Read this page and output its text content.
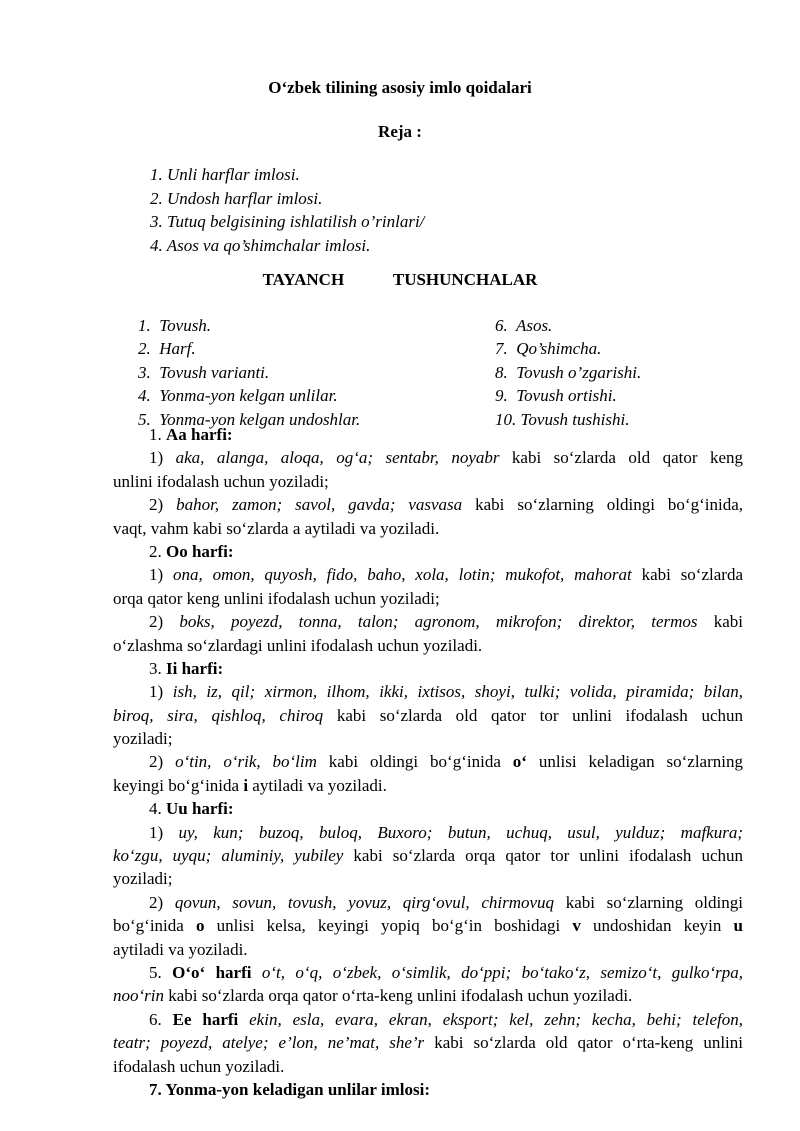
O‘zbek tilining asosiy imlo qoidalari
Reja :
1. Unli harflar imlosi.
2. Undosh harflar imlosi.
3. Tutuq belgisining ishlatilish o’rinlari/
4. Asos va qo’shimchalar imlosi.
TAYANCH    TUSHUNCHALAR
1.  Tovush.
2.  Harf.
3.  Tovush varianti.
4.  Yonma-yon kelgan unlilar.
5.  Yonma-yon kelgan undoshlar.
6.  Asos.
7.  Qo’shimcha.
8.  Tovush o’zgarishi.
9.  Tovush ortishi.
10. Tovush tushishi.
1. Aa harfi:
1) aka, alanga, aloqa, og‘a; sentabr, noyabr kabi so‘zlarda old qator keng
unlini ifodalash uchun yoziladi;
2) bahor, zamon; savol, gavda; vasvasa kabi so‘zlarning oldingi bo‘g‘inida,
vaqt, vahm kabi so‘zlarda a aytiladi va yoziladi.
2. Oo harfi:
1) ona, omon, quyosh, fido, baho, xola, lotin; mukofot, mahorat kabi so‘zlarda
orqa qator keng unlini ifodalash uchun yoziladi;
2) boks, poyezd, tonna, talon; agronom, mikrofon; direktor, termos kabi
o‘zlashma so‘zlardagi unlini ifodalash uchun yoziladi.
3. Ii harfi:
1) ish, iz, qil; xirmon, ilhom, ikki, ixtisos, shoyi, tulki; volida, piramida; bilan,
biroq, sira, qishloq, chiroq kabi so‘zlarda old qator tor unlini ifodalash uchun
yoziladi;
2) o‘tin, o‘rik, bo‘lim kabi oldingi bo‘g‘inida o‘ unlisi keladigan so‘zlarning
keyingi bo‘g‘inida i aytiladi va yoziladi.
4. Uu harfi:
1) uy, kun; buzoq, buloq, Buxoro; butun, uchuq, usul, yulduz; mafkura;
ko‘zgu, uyqu; aluminiy, yubiley kabi so‘zlarda orqa qator tor unlini ifodalash uchun
yoziladi;
2) qovun, sovun, tovush, yovuz, qirg‘ovul, chirmovuq kabi so‘zlarning oldingi
bo‘g‘inida o unlisi kelsa, keyingi yopiq bo‘g‘in boshidagi v undoshidan keyin u
aytiladi va yoziladi.
5. O‘o‘ harfi o‘t, o‘q, o‘zbek, o‘simlik, do‘ppi; bo‘tako‘z, semizo‘t, gulko‘rpa,
noo‘rin kabi so‘zlarda orqa qator o‘rta-keng unlini ifodalash uchun yoziladi.
6. Ee harfi ekin, esla, evara, ekran, eksport; kel, zehn; kecha, behi; telefon,
teatr; poyezd, atelye; e’lon, ne’mat, she’r kabi so‘zlarda old qator o‘rta-keng unlini
ifodalash uchun yoziladi.
7. Yonma-yon keladigan unlilar imlosi:
